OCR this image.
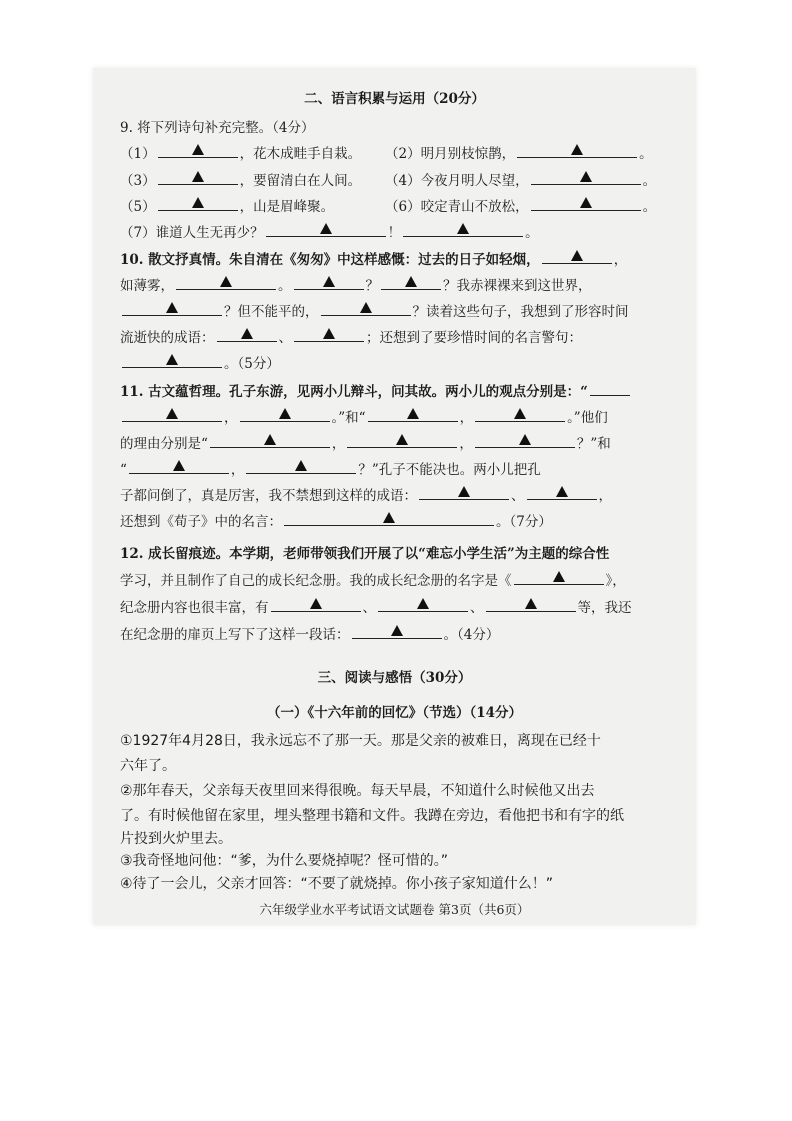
二、语言积累与运用（20分）
9. 将下列诗句补充完整。（4分）
（1）	，花木成畦手自栽。 （2）明月别枝惊鹊，	。
（3）	，要留清白在人间。 （4）今夜月明人尽望，	。
（5）	，山是眉峰聚。	（6）咬定青山不放松，	。
（7）谁道人生无再少？	！	。
10. 散文抒真情。朱自清在《匆匆》中这样感慨：过去的日子如轻烟，	，
如薄雾，	。	？	？我赤裸裸来到这世界，
？但不能平的，	？读着这些句子，我想到了形容时间
流逝快的成语：	、	；还想到了要珍惜时间的名言警句：
。（5分）
11. 古文蕴哲理。孔子东游，见两小儿辩斗，问其故。两小儿的观点分别是：“
，	。”和“	，	。”他们
的理由分别是“	，	，	？”和
“	，	？”孔子不能决也。两小儿把孔
子都问倒了，真是厉害，我不禁想到这样的成语：	、	，
还想到《荀子》中的名言：	。（7分）
12. 成长留痕迹。本学期，老师带领我们开展了以“难忘小学生活”为主题的综合性
学习，并且制作了自己的成长纪念册。我的成长纪念册的名字是《	》，
纪念册内容也很丰富，有	、	、	等，我还
在纪念册的扉页上写下了这样一段话：	。（4分）
三、阅读与感悟（30分）
（一）《十六年前的回忆》（节选）（14分）
①1927年4月28日，我永远忘不了那一天。那是父亲的被难日，离现在已经十
六年了。
②那年春天，父亲每天夜里回来得很晚。每天早晨，不知道什么时候他又出去
了。有时候他留在家里，埋头整理书籍和文件。我蹲在旁边，看他把书和有字的纸
片投到火炉里去。
③我奇怪地问他：“爹，为什么要烧掉呢？怪可惜的。”
④待了一会儿，父亲才回答：“不要了就烧掉。你小孩子家知道什么！”
六年级学业水平考试语文试题卷 第3页（共6页）
